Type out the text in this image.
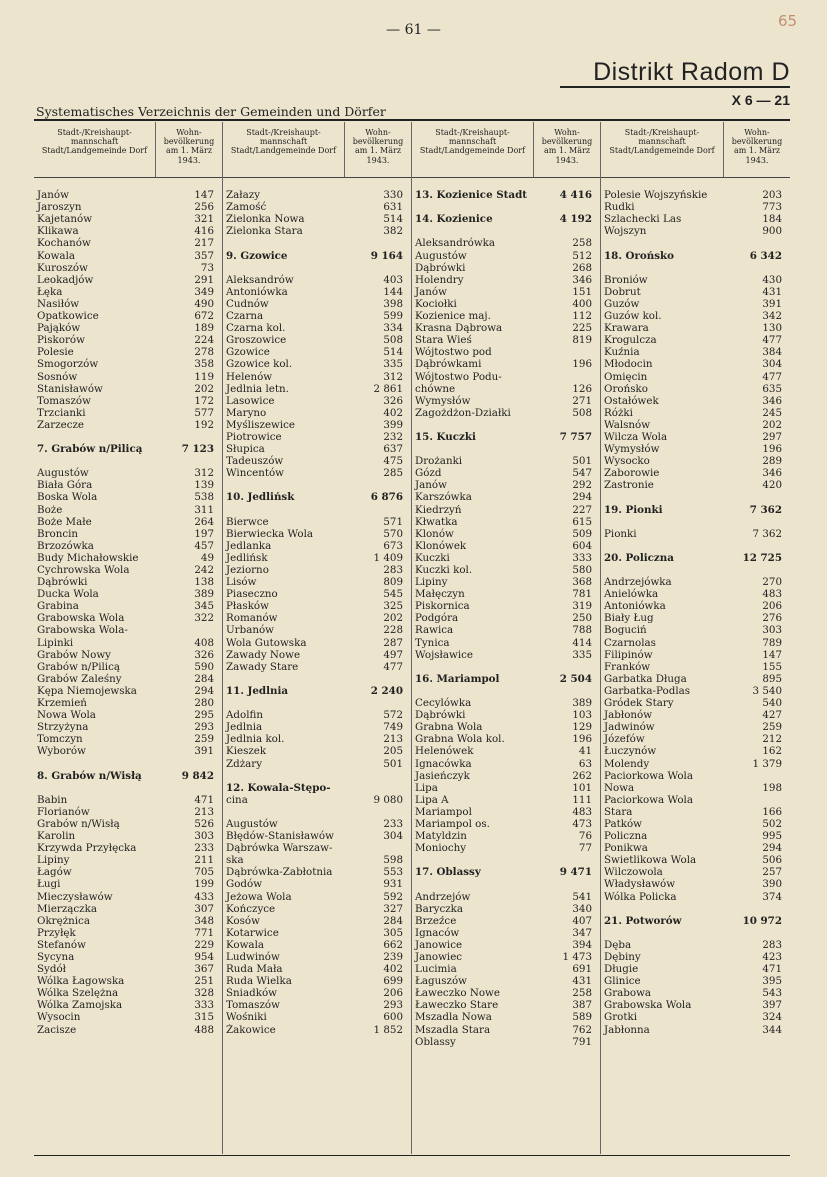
— 61 —	65
Distrikt Radom D
X 6 — 21
Systematisches Verzeichnis der Gemeinden und Dörfer
Stadt-/Kreishaupt-mannschaft Stadt/Landgemeinde Dorf
Wohn-bevölkerung am 1. März 1943.
Janów	147
Jaroszyn	256
Kajetanów	321
Klikawa	416
Kochanów	217
Kowala	357
Kuroszów	73
Leokadjów	291
Łęka	349
Nasiłów	490
Opatkowice	672
Pająków	189
Piskorów	224
Polesie	278
Smogorzów	358
Sosnów	119
Stanisławów	202
Tomaszów	172
Trzcianki	577
Zarzecze	192
7. Grabów n/Pilicą	7 123
Augustów	312
Biała Góra	139
Boska Wola	538
Boże	311
Boże Małe	264
Broncin	197
Brzozówka	457
Budy Michałowskie	49
Cychrowska Wola	242
Dąbrówki	138
Ducka Wola	389
Grabina	345
Grabowska Wola	322
Grabowska Wola-
Lipinki	408
Grabów Nowy	326
Grabów n/Pilicą	590
Grabów Zaleśny	284
Kępa Niemojewska	294
Krzemień	280
Nowa Wola	295
Strzyżyna	293
Tomczyn	259
Wyborów	391
8. Grabów n/Wisłą	9 842
Babin	471
Florianów	213
Grabów n/Wisłą	526
Karolin	303
Krzywda Przyłęcka	233
Lipiny	211
Łagów	705
Ługi	199
Mieczysławów	433
Mierzączka	307
Okrężnica	348
Przyłęk	771
Stefanów	229
Sycyna	954
Sydół	367
Wólka Łagowska	251
Wólka Szelężna	328
Wólka Zamojska	333
Wysocin	315
Zacisze	488
Stadt-/Kreishaupt-mannschaft Stadt/Landgemeinde Dorf
Wohn-bevölkerung am 1. März 1943.
Załazy	330
Zamość	631
Zielonka Nowa	514
Zielonka Stara	382
9. Gzowice	9 164
Aleksandrów	403
Antoniówka	144
Cudnów	398
Czarna	599
Czarna kol.	334
Groszowice	508
Gzowice	514
Gzowice kol.	335
Helenów	312
Jedlnia letn.	2 861
Lasowice	326
Maryno	402
Myśliszewice	399
Piotrowice	232
Słupica	637
Tadeuszów	475
Wincentów	285
10. Jedlińsk	6 876
Bierwce	571
Bierwiecka Wola	570
Jedlanka	673
Jedlińsk	1 409
Jeziorno	283
Lisów	809
Piaseczno	545
Płasków	325
Romanów	202
Urbanów	228
Wola Gutowska	287
Zawady Nowe	497
Zawady Stare	477
11. Jedlnia	2 240
Adolfin	572
Jedlnia	749
Jedlnia kol.	213
Kieszek	205
Zdżary	501
12. Kowala-Stępo-
cina	9 080
Augustów	233
Błędów-Stanisławów	304
Dąbrówka Warszaw-
ska	598
Dąbrówka-Zabłotnia	553
Godów	931
Jeżowa Wola	592
Kończyce	327
Kosów	284
Kotarwice	305
Kowala	662
Ludwinów	239
Ruda Mała	402
Ruda Wielka	699
Śniadków	206
Tomaszów	293
Wośniki	600
Żakowice	1 852
Stadt-/Kreishaupt-mannschaft Stadt/Landgemeinde Dorf
Wohn-bevölkerung am 1. März 1943.
13. Kozienice Stadt	4 416
14. Kozienice	4 192
Aleksandrówka	258
Augustów	512
Dąbrówki	268
Holendry	346
Janów	151
Kociołki	400
Kozienice maj.	112
Krasna Dąbrowa	225
Stara Wieś	819
Wójtostwo pod
Dąbrówkami	196
Wójtostwo Podu-
chówne	126
Wymysłów	271
Zagożdżon-Działki	508
15. Kuczki	7 757
Drożanki	501
Gózd	547
Janów	292
Karszówka	294
Kiedrzyń	227
Kłwatka	615
Klonów	509
Klonówek	604
Kuczki	333
Kuczki kol.	580
Lipiny	368
Małęczyn	781
Piskornica	319
Podgóra	250
Rawica	788
Tynica	414
Wojsławice	335
16. Mariampol	2 504
Cecylówka	389
Dąbrówki	103
Grabna Wola	129
Grabna Wola kol.	196
Helenówek	41
Ignacówka	63
Jasieńczyk	262
Lipa	101
Lipa A	111
Mariampol	483
Mariampol os.	473
Matyldzin	76
Moniochy	77
17. Oblassy	9 471
Andrzejów	541
Baryczka	340
Brzeźce	407
Ignaców	347
Janowice	394
Janowiec	1 473
Lucimia	691
Łaguszów	431
Ławeczko Nowe	258
Ławeczko Stare	387
Mszadla Nowa	589
Mszadla Stara	762
Oblassy	791
Stadt-/Kreishaupt-mannschaft Stadt/Landgemeinde Dorf
Wohn-bevölkerung am 1. März 1943.
Polesie Wojszyńskie	203
Rudki	773
Szlachecki Las	184
Wojszyn	900
18. Orońsko	6 342
Broniów	430
Dobrut	431
Guzów	391
Guzów kol.	342
Krawara	130
Krogulcza	477
Kuźnia	384
Młodocin	304
Omięcin	477
Orońsko	635
Ostałówek	346
Różki	245
Walsnów	202
Wilcza Wola	297
Wymysłów	196
Wysocko	289
Zaborowie	346
Zastronie	420
19. Pionki	7 362
Pionki	7 362
20. Policzna	12 725
Andrzejówka	270
Anielówka	483
Antoniówka	206
Biały Ług	276
Boguciń	303
Czarnolas	789
Filipinów	147
Franków	155
Garbatka Długa	895
Garbatka-Podlas	3 540
Gródek Stary	540
Jabłonów	427
Jadwinów	259
Józefów	212
Łuczynów	162
Molendy	1 379
Paciorkowa Wola
Nowa	198
Paciorkowa Wola
Stara	166
Patków	502
Policzna	995
Ponikwa	294
Świetlikowa Wola	506
Wilczowola	257
Władysławów	390
Wólka Policka	374
21. Potworów	10 972
Dęba	283
Dębiny	423
Długie	471
Glinice	395
Grabowa	543
Grabowska Wola	397
Grotki	324
Jabłonna	344
